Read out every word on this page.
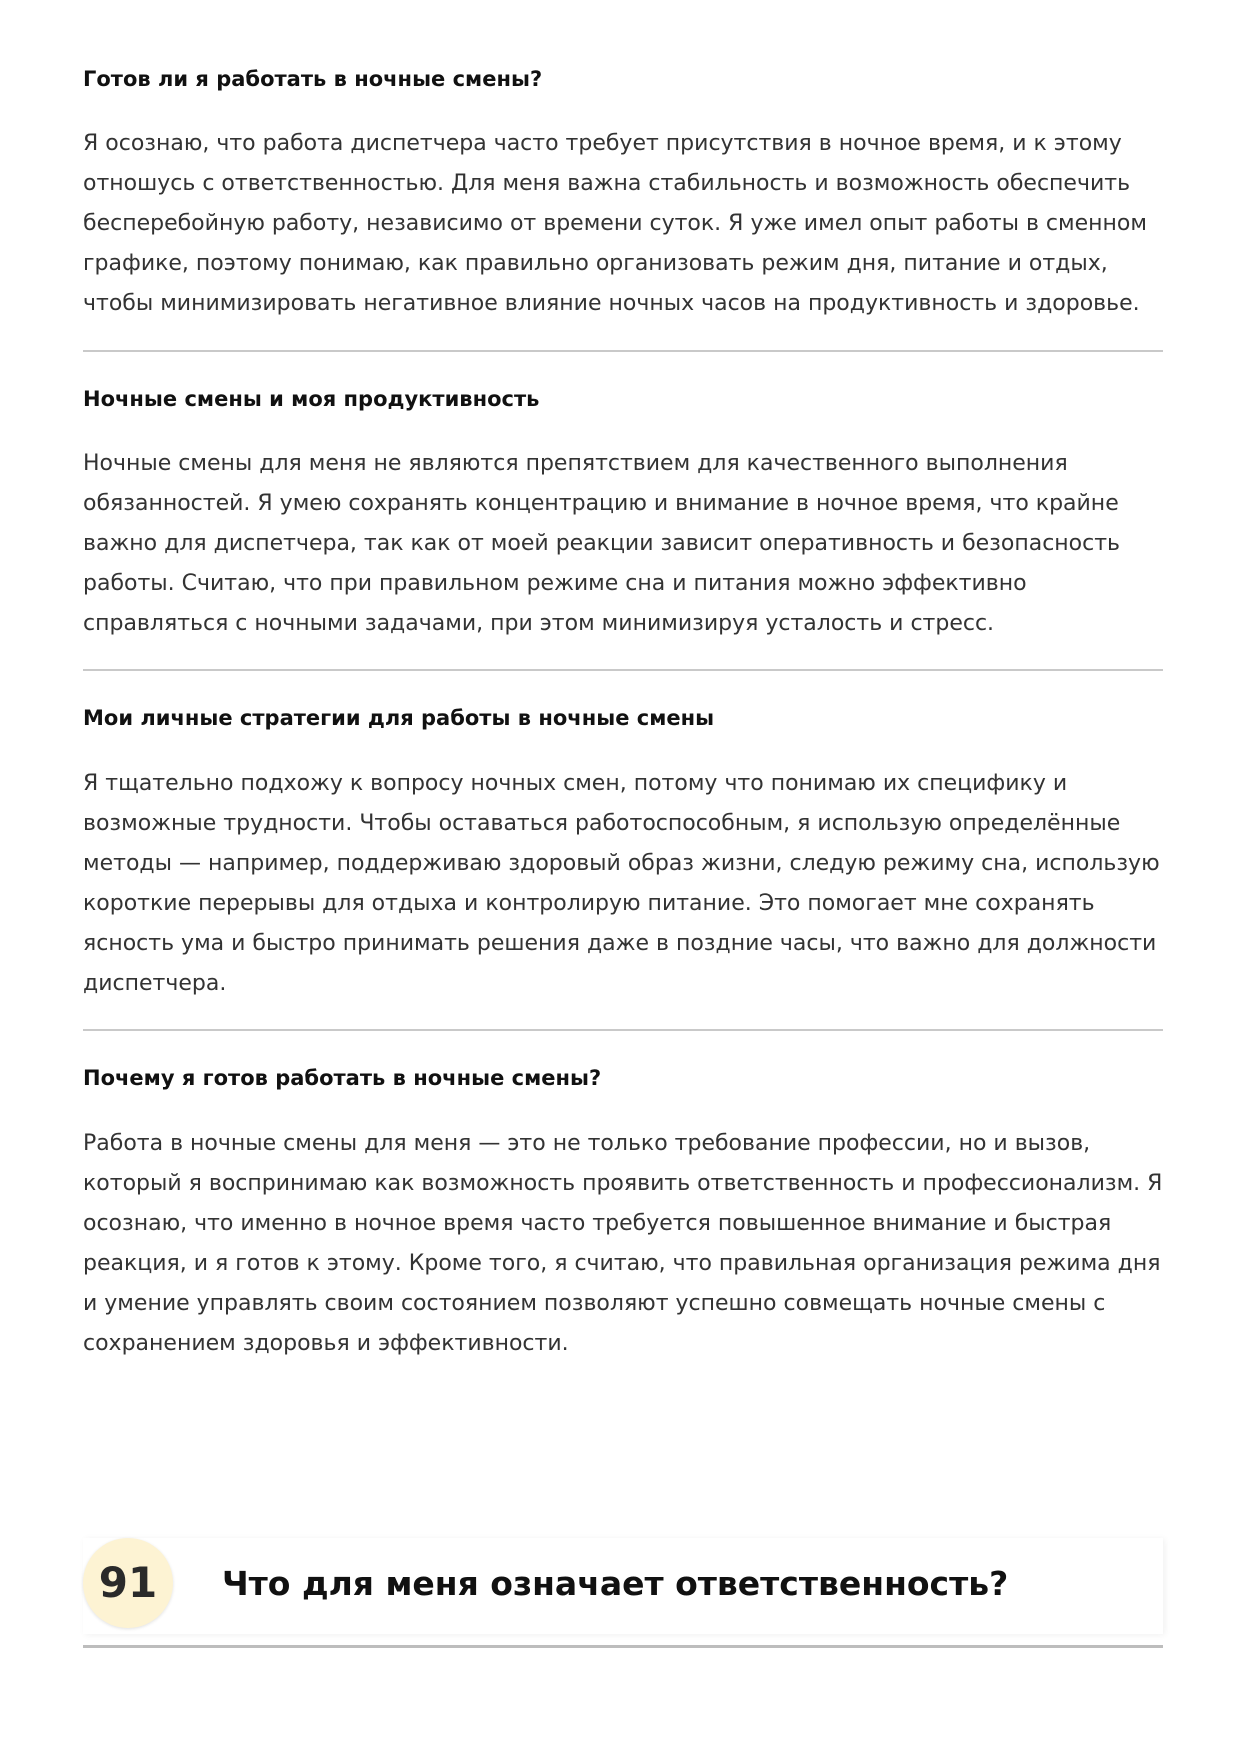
Готов ли я работать в ночные смены?

Я осознаю, что работа диспетчера часто требует присутствия в ночное время, и к этому отношусь с ответственностью. Для меня важна стабильность и возможность обеспечить бесперебойную работу, независимо от времени суток. Я уже имел опыт работы в сменном графике, поэтому понимаю, как правильно организовать режим дня, питание и отдых, чтобы минимизировать негативное влияние ночных часов на продуктивность и здоровье.

Ночные смены и моя продуктивность

Ночные смены для меня не являются препятствием для качественного выполнения обязанностей. Я умею сохранять концентрацию и внимание в ночное время, что крайне важно для диспетчера, так как от моей реакции зависит оперативность и безопасность работы. Считаю, что при правильном режиме сна и питания можно эффективно справляться с ночными задачами, при этом минимизируя усталость и стресс.

Мои личные стратегии для работы в ночные смены

Я тщательно подхожу к вопросу ночных смен, потому что понимаю их специфику и возможные трудности. Чтобы оставаться работоспособным, я использую определённые методы — например, поддерживаю здоровый образ жизни, следую режиму сна, использую короткие перерывы для отдыха и контролирую питание. Это помогает мне сохранять ясность ума и быстро принимать решения даже в поздние часы, что важно для должности диспетчера.

Почему я готов работать в ночные смены?

Работа в ночные смены для меня — это не только требование профессии, но и вызов, который я воспринимаю как возможность проявить ответственность и профессионализм. Я осознаю, что именно в ночное время часто требуется повышенное внимание и быстрая реакция, и я готов к этому. Кроме того, я считаю, что правильная организация режима дня и умение управлять своим состоянием позволяют успешно совмещать ночные смены с сохранением здоровья и эффективности.

91	Что для меня означает ответственность?
